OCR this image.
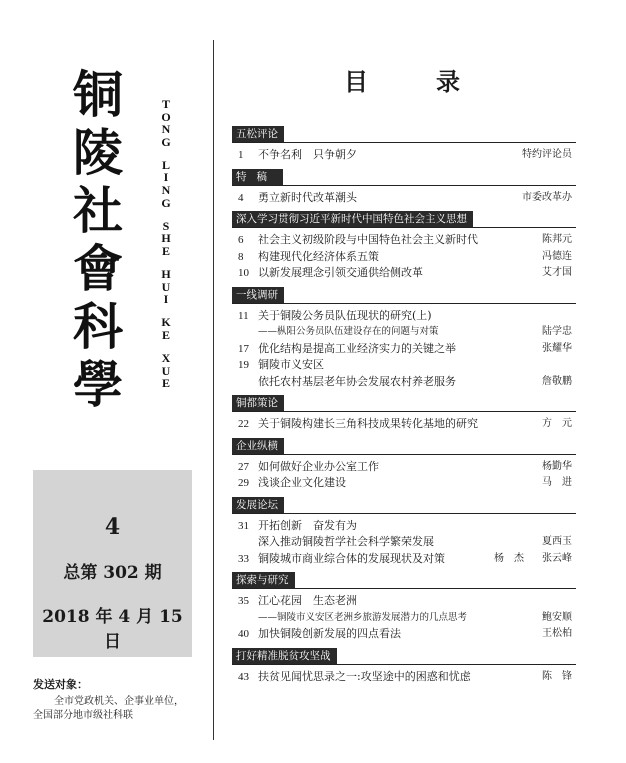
铜
陵
社
會
科
學
T
O
N
G
L
I
N
G
S
H
E
H
U
I
K
E
X
U
E
4
总第 302 期
2018 年 4 月 15 日
发送对象：
全市党政机关、企事业单位，
全国部分地市级社科联
目	录
五松评论
1 不争名利　只争朝夕	特约评论员
特稿
4 勇立新时代改革潮头	市委改革办
深入学习贯彻习近平新时代中国特色社会主义思想
6 社会主义初级阶段与中国特色社会主义新时代	陈邦元
8 构建现代化经济体系五策	冯德连
10 以新发展理念引领交通供给侧改革	艾才国
一线调研
11 关于铜陵公务员队伍现状的研究(上)
——枞阳公务员队伍建设存在的问题与对策	陆学忠
17 优化结构是提高工业经济实力的关键之举	张耀华
19 铜陵市义安区
依托农村基层老年协会发展农村养老服务	詹敬鹏
铜都策论
22 关于铜陵构建长三角科技成果转化基地的研究	方　元
企业纵横
27 如何做好企业办公室工作	杨勤华
29 浅谈企业文化建设	马　进
发展论坛
31 开拓创新　奋发有为
深入推动铜陵哲学社会科学繁荣发展	夏西玉
33 铜陵城市商业综合体的发展现状及对策	杨　杰 张云峰
探索与研究
35 江心花园　生态老洲
——铜陵市义安区老洲乡旅游发展潜力的几点思考	鲍安顺
40 加快铜陵创新发展的四点看法	王松柏
打好精准脱贫攻坚战
43 扶贫见闻忧思录之一:攻坚途中的困惑和忧虑	陈　锋
